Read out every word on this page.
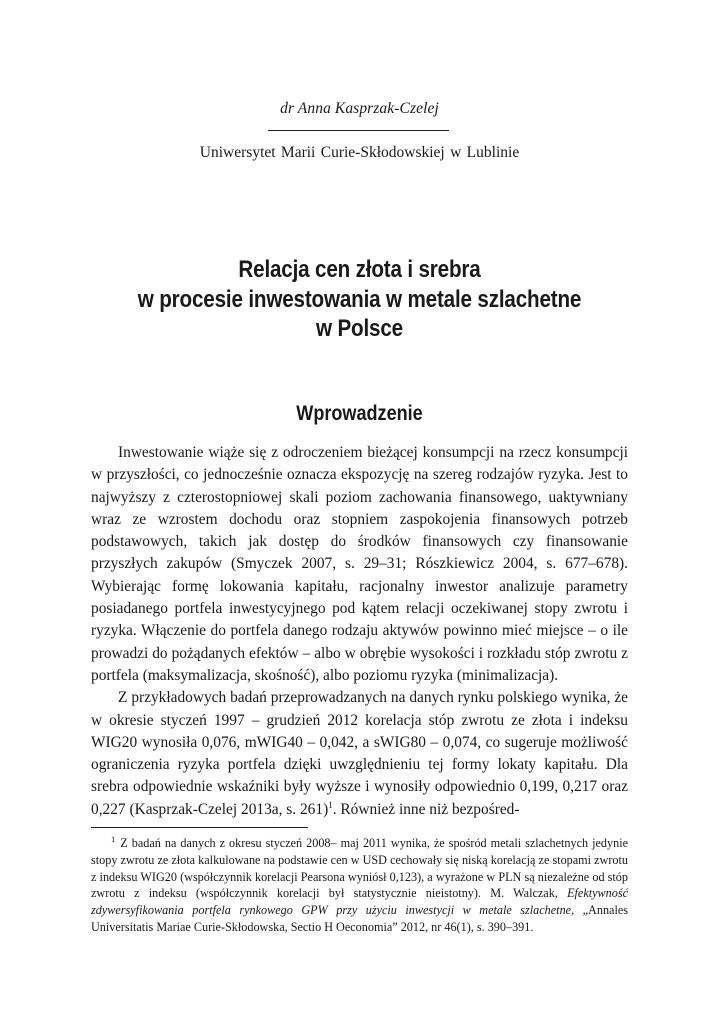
dr Anna Kasprzak-Czelej
Uniwersytet Marii Curie-Skłodowskiej w Lublinie
Relacja cen złota i srebra
w procesie inwestowania w metale szlachetne
w Polsce
Wprowadzenie

Inwestowanie wiąże się z odroczeniem bieżącej konsumpcji na rzecz konsumpcji w przyszłości, co jednocześnie oznacza ekspozycję na szereg rodzajów ryzyka. Jest to najwyższy z czterostopniowej skali poziom zachowania finansowego, uaktywniany wraz ze wzrostem dochodu oraz stopniem zaspokojenia finansowych potrzeb podstawowych, takich jak dostęp do środków finansowych czy finansowanie przyszłych zakupów (Smyczek 2007, s. 29–31; Rószkiewicz 2004, s. 677–678). Wybierając formę lokowania kapitału, racjonalny inwestor analizuje parametry posiadanego portfela inwestycyjnego pod kątem relacji oczekiwanej stopy zwrotu i ryzyka. Włączenie do portfela danego rodzaju aktywów powinno mieć miejsce – o ile prowadzi do pożądanych efektów – albo w obrębie wysokości i rozkładu stóp zwrotu z portfela (maksymalizacja, skośność), albo poziomu ryzyka (minimalizacja).

Z przykładowych badań przeprowadzanych na danych rynku polskiego wynika, że w okresie styczeń 1997 – grudzień 2012 korelacja stóp zwrotu ze złota i indeksu WIG20 wynosiła 0,076, mWIG40 – 0,042, a sWIG80 – 0,074, co sugeruje możliwość ograniczenia ryzyka portfela dzięki uwzględnieniu tej formy lokaty kapitału. Dla srebra odpowiednie wskaźniki były wyższe i wynosiły odpowiednio 0,199, 0,217 oraz 0,227 (Kasprzak-Czelej 2013a, s. 261)$^1$. Również inne niż bezpośred-

$^1$ Z badań na danych z okresu styczeń 2008– maj 2011 wynika, że spośród metali szlachetnych jedynie stopy zwrotu ze złota kalkulowane na podstawie cen w USD cechowały się niską korelacją ze stopami zwrotu z indeksu WIG20 (współczynnik korelacji Pearsona wyniósł 0,123), a wyrażone w PLN są niezależne od stóp zwrotu z indeksu (współczynnik korelacji był statystycznie nieistotny). M. Walczak, Efektywność zdywersyfikowania portfela rynkowego GPW przy użyciu inwestycji w metale szlachetne, „Annales Universitatis Mariae Curie-Skłodowska, Sectio H Oeconomia” 2012, nr 46(1), s. 390–391.
